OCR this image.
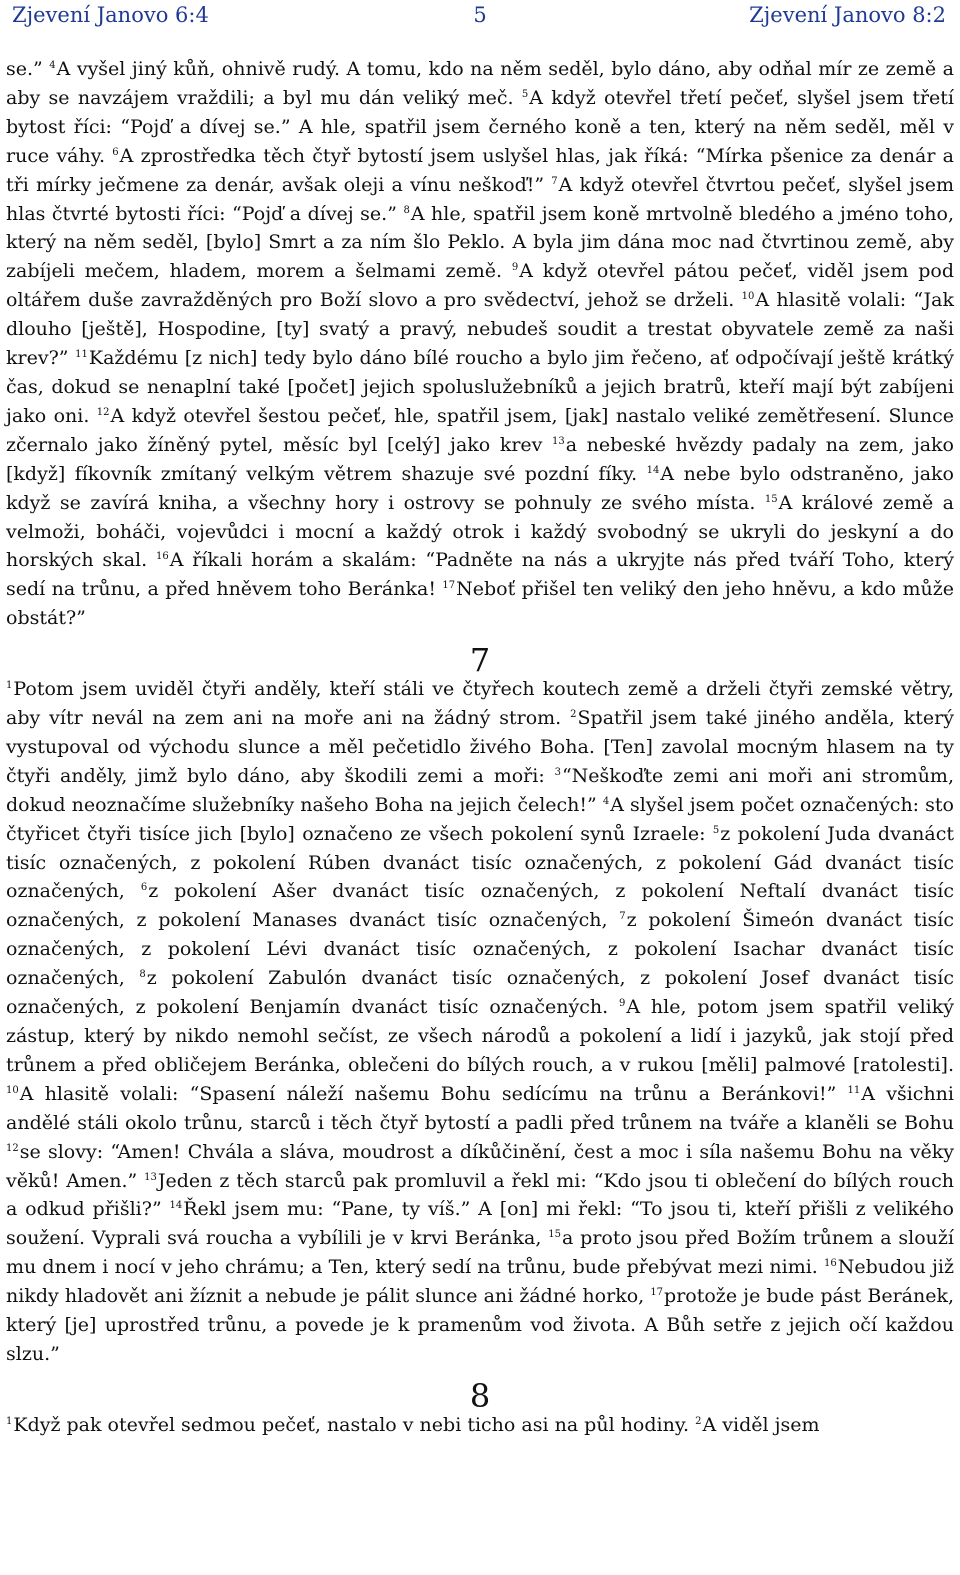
Zjevení Janovo 6:4	5	Zjevení Janovo 8:2

se.” $^4$A vyšel jiný kůň, ohnivě rudý. A tomu, kdo na něm seděl, bylo dáno, aby odňal mír ze země a aby se navzájem vraždili; a byl mu dán veliký meč. $^5$A když otevřel třetí pečeť, slyšel jsem třetí bytost říci: “Pojď a dívej se.” A hle, spatřil jsem černého koně a ten, který na něm seděl, měl v ruce váhy. $^6$A zprostředka těch čtyř bytostí jsem uslyšel hlas, jak říká: “Mírka pšenice za denár a tři mírky ječmene za denár, avšak oleji a vínu neškoď!” $^7$A když otevřel čtvrtou pečeť, slyšel jsem hlas čtvrté bytosti říci: “Pojď a dívej se.” $^8$A hle, spatřil jsem koně mrtvolně bledého a jméno toho, který na něm seděl, [bylo] Smrt a za ním šlo Peklo. A byla jim dána moc nad čtvrtinou země, aby zabíjeli mečem, hladem, morem a šelmami země. $^9$A když otevřel pátou pečeť, viděl jsem pod oltářem duše zavražděných pro Boží slovo a pro svědectví, jehož se drželi. $^{10}$A hlasitě volali: “Jak dlouho [ještě], Hospodine, [ty] svatý a pravý, nebudeš soudit a trestat obyvatele země za naši krev?” $^{11}$Každému [z nich] tedy bylo dáno bílé roucho a bylo jim řečeno, ať odpočívají ještě krátký čas, dokud se nenaplní také [počet] jejich spoluslužebníků a jejich bratrů, kteří mají být zabíjeni jako oni. $^{12}$A když otevřel šestou pečeť, hle, spatřil jsem, [jak] nastalo veliké zemětřesení. Slunce zčernalo jako žíněný pytel, měsíc byl [celý] jako krev $^{13}$a nebeské hvězdy padaly na zem, jako [když] fíkovník zmítaný velkým větrem shazuje své pozdní fíky. $^{14}$A nebe bylo odstraněno, jako když se zavírá kniha, a všechny hory i ostrovy se pohnuly ze svého místa. $^{15}$A králové země a velmoži, boháči, vojevůdci i mocní a každý otrok i každý svobodný se ukryli do jeskyní a do horských skal. $^{16}$A říkali horám a skalám: “Padněte na nás a ukryjte nás před tváří Toho, který sedí na trůnu, a před hněvem toho Beránka! $^{17}$Neboť přišel ten veliký den jeho hněvu, a kdo může obstát?”

7

$^1$Potom jsem uviděl čtyři anděly, kteří stáli ve čtyřech koutech země a drželi čtyři zemské větry, aby vítr nevál na zem ani na moře ani na žádný strom. $^2$Spatřil jsem také jiného anděla, který vystupoval od východu slunce a měl pečetidlo živého Boha. [Ten] zavolal mocným hlasem na ty čtyři anděly, jimž bylo dáno, aby škodili zemi a moři: $^3$“Neškoďte zemi ani moři ani stromům, dokud neoznačíme služebníky našeho Boha na jejich čelech!” $^4$A slyšel jsem počet označených: sto čtyřicet čtyři tisíce jich [bylo] označeno ze všech pokolení synů Izraele: $^5$z pokolení Juda dvanáct tisíc označených, z pokolení Rúben dvanáct tisíc označených, z pokolení Gád dvanáct tisíc označených, $^6$z pokolení Ašer dvanáct tisíc označených, z pokolení Neftalí dvanáct tisíc označených, z pokolení Manases dvanáct tisíc označených, $^7$z pokolení Šimeón dvanáct tisíc označených, z pokolení Lévi dvanáct tisíc označených, z pokolení Isachar dvanáct tisíc označených, $^8$z pokolení Zabulón dvanáct tisíc označených, z pokolení Josef dvanáct tisíc označených, z pokolení Benjamín dvanáct tisíc označených. $^9$A hle, potom jsem spatřil veliký zástup, který by nikdo nemohl sečíst, ze všech národů a pokolení a lidí i jazyků, jak stojí před trůnem a před obličejem Beránka, oblečeni do bílých rouch, a v rukou [měli] palmové [ratolesti]. $^{10}$A hlasitě volali: “Spasení náleží našemu Bohu sedícímu na trůnu a Beránkovi!” $^{11}$A všichni andělé stáli okolo trůnu, starců i těch čtyř bytostí a padli před trůnem na tváře a klaněli se Bohu $^{12}$se slovy: “Amen! Chvála a sláva, moudrost a díkůčinění, čest a moc i síla našemu Bohu na věky věků! Amen.” $^{13}$Jeden z těch starců pak promluvil a řekl mi: “Kdo jsou ti oblečení do bílých rouch a odkud přišli?” $^{14}$Řekl jsem mu: “Pane, ty víš.” A [on] mi řekl: “To jsou ti, kteří přišli z velikého soužení. Vyprali svá roucha a vybílili je v krvi Beránka, $^{15}$a proto jsou před Božím trůnem a slouží mu dnem i nocí v jeho chrámu; a Ten, který sedí na trůnu, bude přebývat mezi nimi. $^{16}$Nebudou již nikdy hladovět ani žíznit a nebude je pálit slunce ani žádné horko, $^{17}$protože je bude pást Beránek, který [je] uprostřed trůnu, a povede je k pramenům vod života. A Bůh setře z jejich očí každou slzu.”

8

$^1$Když pak otevřel sedmou pečeť, nastalo v nebi ticho asi na půl hodiny. $^2$A viděl jsem
